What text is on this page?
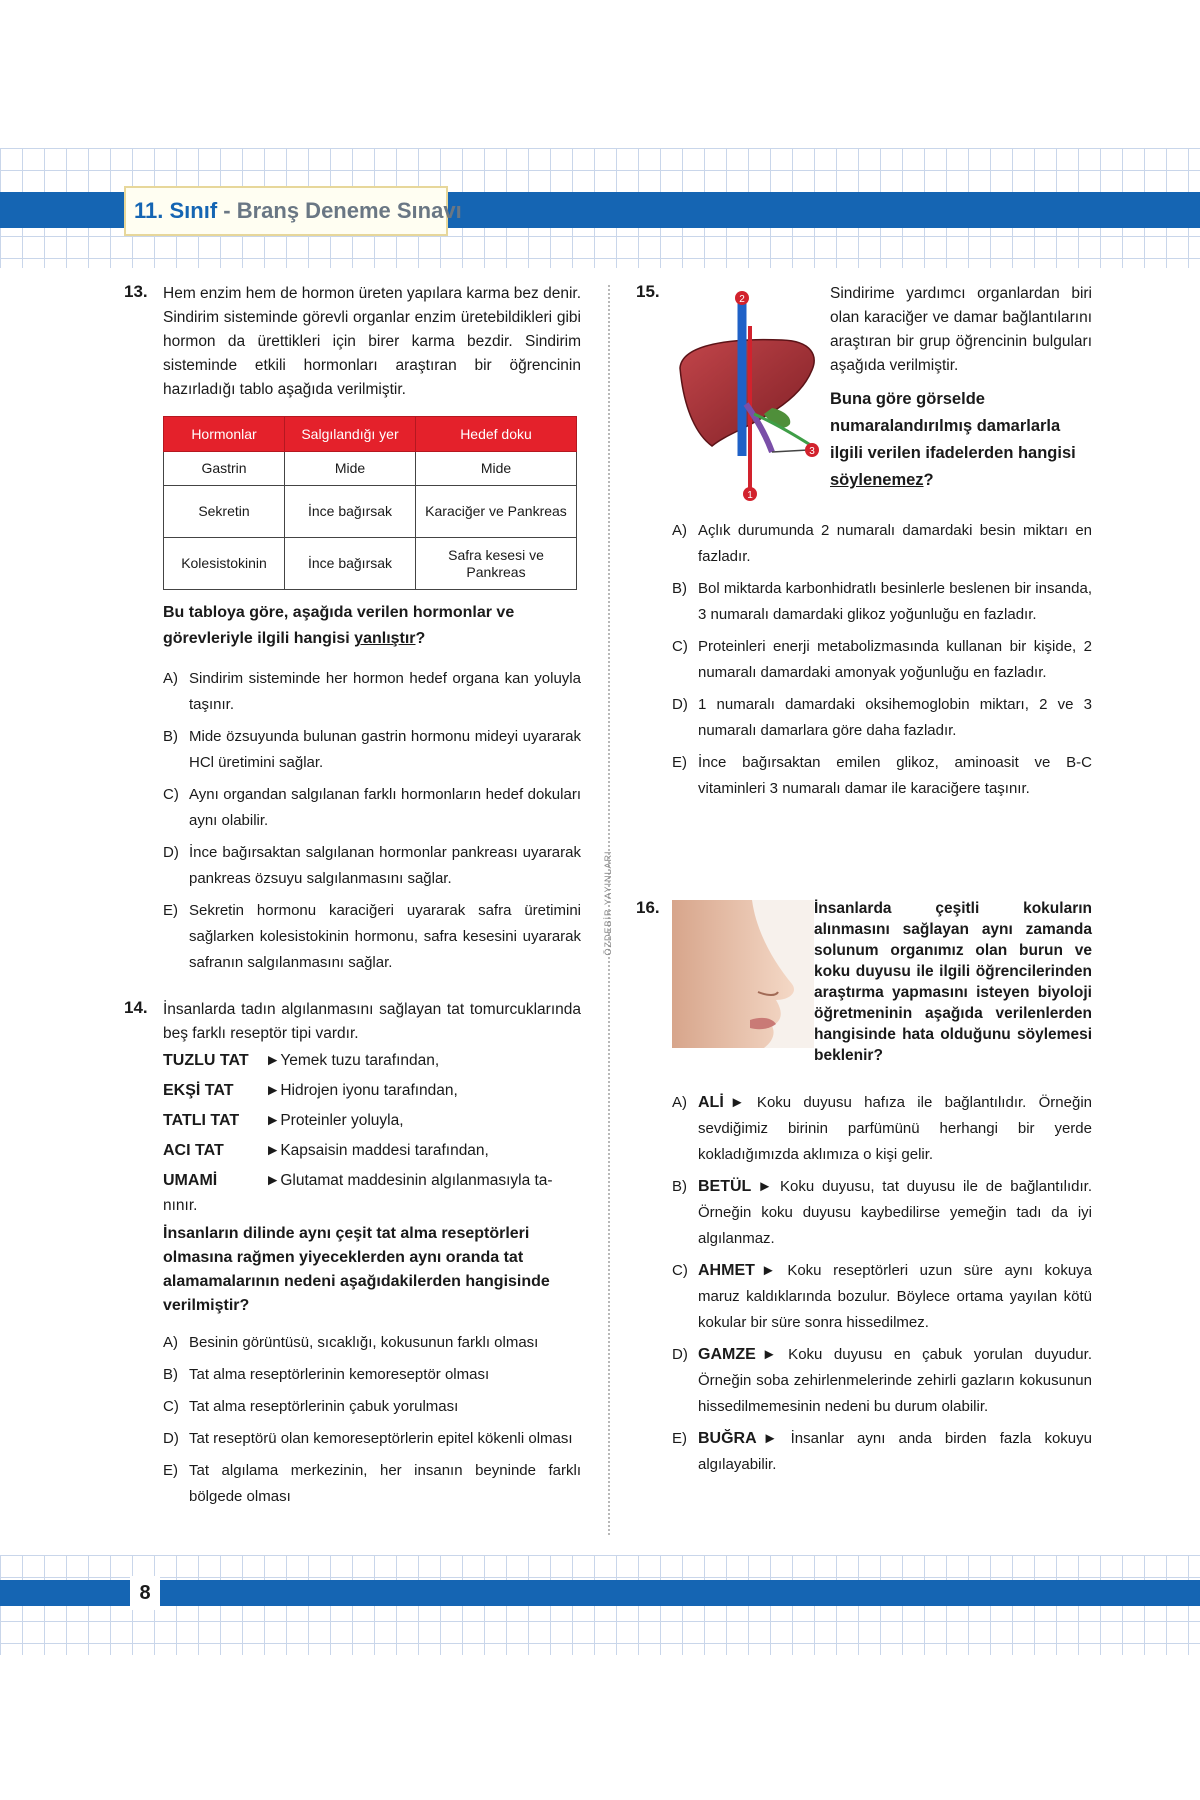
11. Sınıf - Branş Deneme Sınavı
8
ÖZDEBİR YAYINLARI
13. Hem enzim hem de hormon üreten yapılara karma bez denir. Sindirim sisteminde görevli organlar enzim üretebildikleri gibi hormon da ürettikleri için birer karma bezdir. Sindirim sisteminde etkili hormonları araştıran bir öğrencinin hazırladığı tablo aşağıda verilmiştir.
Hormonlar	Salgılandığı yer	Hedef doku
Gastrin	Mide	Mide
Sekretin	İnce bağırsak	Karaciğer ve Pankreas
Kolesistokinin	İnce bağırsak	Safra kesesi ve Pankreas
Bu tabloya göre, aşağıda verilen hormonlar ve görevleriyle ilgili hangisi yanlıştır?
A) Sindirim sisteminde her hormon hedef organa kan yoluyla taşınır.
B) Mide özsuyunda bulunan gastrin hormonu mideyi uyararak HCl üretimini sağlar.
C) Aynı organdan salgılanan farklı hormonların hedef dokuları aynı olabilir.
D) İnce bağırsaktan salgılanan hormonlar pankreası uyararak pankreas özsuyu salgılanmasını sağlar.
E) Sekretin hormonu karaciğeri uyararak safra üretimini sağlarken kolesistokinin hormonu, safra kesesini uyararak safranın salgılanmasını sağlar.
14. İnsanlarda tadın algılanmasını sağlayan tat tomurcuklarında beş farklı reseptör tipi vardır.
TUZLU TAT ►Yemek tuzu tarafından,
EKŞİ TAT ►Hidrojen iyonu tarafından,
TATLI TAT ►Proteinler yoluyla,
ACI TAT	►Kapsaisin maddesi tarafından,
UMAMİ	►Glutamat maddesinin algılanmasıyla ta-
nınır.
İnsanların dilinde aynı çeşit tat alma reseptörleri olmasına rağmen yiyeceklerden aynı oranda tat alamamalarının nedeni aşağıdakilerden hangisinde verilmiştir?
A) Besinin görüntüsü, sıcaklığı, kokusunun farklı olması
B) Tat alma reseptörlerinin kemoreseptör olması
C) Tat alma reseptörlerinin çabuk yorulması
D) Tat reseptörü olan kemoreseptörlerin epitel kökenli olması
E) Tat algılama merkezinin, her insanın beyninde farklı bölgede olması
15.	2
3
1
Sindirime yardımcı organlardan biri olan karaciğer ve damar bağlantılarını araştıran bir grup öğrencinin bulguları aşağıda verilmiştir.
Buna göre görselde numaralandırılmış damarlarla ilgili verilen ifadelerden hangisi söylenemez?
A) Açlık durumunda 2 numaralı damardaki besin miktarı en fazladır.
B) Bol miktarda karbonhidratlı besinlerle beslenen bir insanda, 3 numaralı damardaki glikoz yoğunluğu en fazladır.
C) Proteinleri enerji metabolizmasında kullanan bir kişide, 2 numaralı damardaki amonyak yoğunluğu en fazladır.
D) 1 numaralı damardaki oksihemoglobin miktarı, 2 ve 3 numaralı damarlara göre daha fazladır.
E) İnce bağırsaktan emilen glikoz, aminoasit ve B-C vitaminleri 3 numaralı damar ile karaciğere taşınır.
16.	İnsanlarda çeşitli kokuların alınmasını sağlayan aynı zamanda solunum organımız olan burun ve koku duyusu ile ilgili öğrencilerinden araştırma yapmasını isteyen biyoloji öğretmeninin aşağıda verilenlerden hangisinde hata olduğunu söylemesi beklenir?
A) ALİ ► Koku duyusu hafıza ile bağlantılıdır. Örneğin sevdiğimiz birinin parfümünü herhangi bir yerde kokladığımızda aklımıza o kişi gelir.
B) BETÜL ► Koku duyusu, tat duyusu ile de bağlantılıdır. Örneğin koku duyusu kaybedilirse yemeğin tadı da iyi algılanmaz.
C) AHMET ► Koku reseptörleri uzun süre aynı kokuya maruz kaldıklarında bozulur. Böylece ortama yayılan kötü kokular bir süre sonra hissedilmez.
D) GAMZE ► Koku duyusu en çabuk yorulan duyudur. Örneğin soba zehirlenmelerinde zehirli gazların kokusunun hissedilmemesinin nedeni bu durum olabilir.
E) BUĞRA ► İnsanlar aynı anda birden fazla kokuyu algılayabilir.
